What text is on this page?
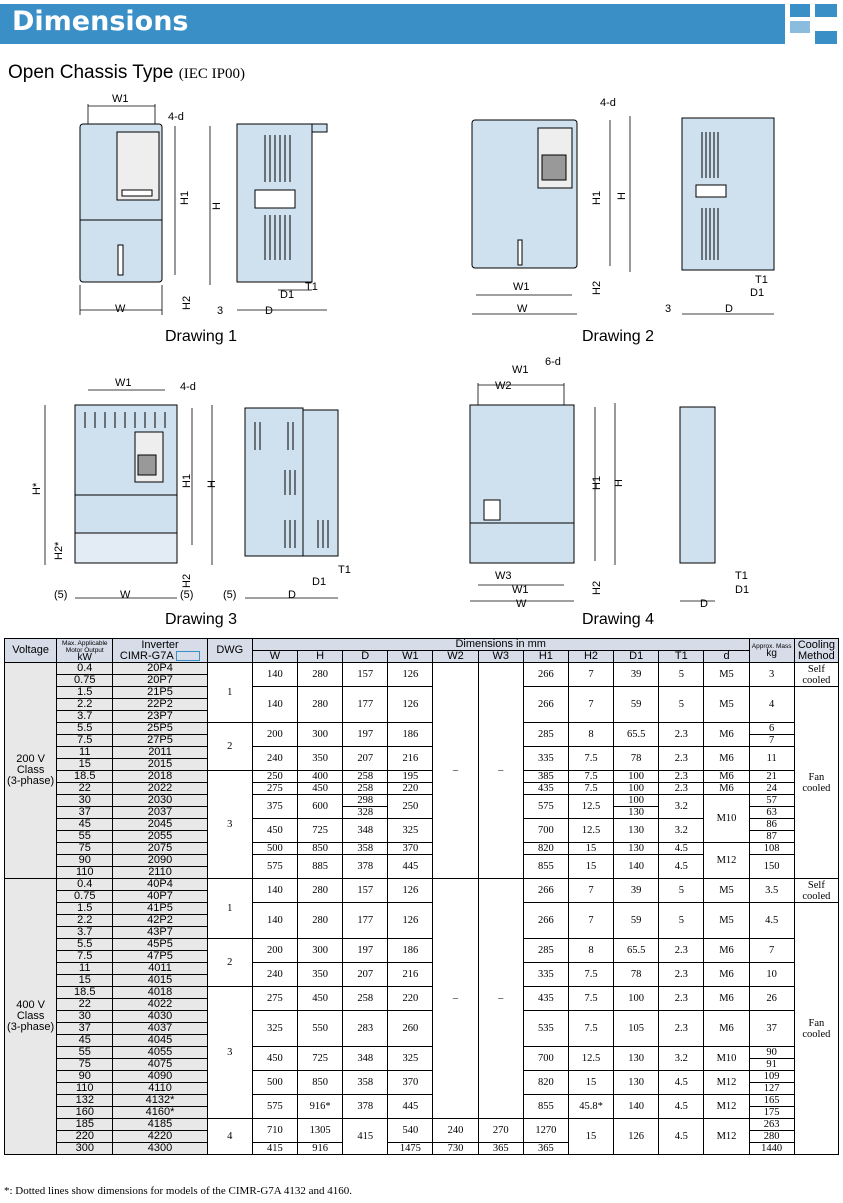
Dimensions
Open Chassis Type (IEC IP00)
W1
4-d
H1
H
H2
W	3	D
D1
T1
Drawing 1
4-d
H1 H
W1	H2
W	3	D
D1
T1
Drawing 2
W1	4-d
H*
H1 H
H2*
H2
(5)	W	(5)	(5)	D
D1
T1
Drawing 3
W1
6-d
W2
H1 H
W3
W1
W
H2
D
D1
T1
Drawing 4
Voltage	Max. Applicable
Motor Output
kW	Inverter
CIMR-G7A	DWG	Dimensions in mm											Approx. Mass
kg	Cooling
Method
				W	H	D	W1	W2	W3	H1	H2	D1	T1	d		
200 V
Class
(3-phase)	0.4	20P4	1	140	280	157	126	–	–	266	7	39	5	M5	3	Self
cooled
	0.75	20P7														
	1.5	21P5		140	280	177	126			266	7	59	5	M5	4	Fan
cooled
	2.2	22P2														
	3.7	23P7														
	5.5	25P5	2	200	300	197	186			285	8	65.5	2.3	M6	6	
	7.5	27P5													7	
	11	2011		240	350	207	216			335	7.5	78	2.3	M6	11	
	15	2015														
	18.5	2018	3	250	400	258	195			385	7.5	100	2.3	M6	21	
	22	2022		275	450	258	220			435	7.5	100	2.3	M6	24	
	30	2030		375	600	298	250			575	12.5	100	3.2	M10	57	
	37	2037				328						130			63	
	45	2045		450	725	348	325			700	12.5	130	3.2		86	
	55	2055													87	
	75	2075		500	850	358	370			820	15	130	4.5	M12	108	
	90	2090		575	885	378	445			855	15	140	4.5		150	
	110	2110														
400 V
Class
(3-phase)	0.4	40P4	1	140	280	157	126	–	–	266	7	39	5	M5	3.5	Self
cooled
	0.75	40P7														
	1.5	41P5		140	280	177	126			266	7	59	5	M5	4.5	Fan
cooled
	2.2	42P2														
	3.7	43P7														
	5.5	45P5	2	200	300	197	186			285	8	65.5	2.3	M6	7	
	7.5	47P5														
	11	4011		240	350	207	216			335	7.5	78	2.3	M6	10	
	15	4015														
	18.5	4018	3	275	450	258	220			435	7.5	100	2.3	M6	26	
	22	4022														
	30	4030		325	550	283	260			535	7.5	105	2.3	M6	37	
	37	4037														
	45	4045														
	55	4055		450	725	348	325			700	12.5	130	3.2	M10	90	
	75	4075													91	
	90	4090		500	850	358	370			820	15	130	4.5	M12	109	
	110	4110													127	
	132	4132*		575	916*	378	445			855	45.8*	140	4.5	M12	165	
	160	4160*													175	
	185	4185	4	710	1305	415	540	240	270	1270	15	126	4.5	M12	263	
	220	4220													280	
	300	4300		415	916		1475	730	365	365					1440	
*: Dotted lines show dimensions for models of the CIMR-G7A 4132 and 4160.
